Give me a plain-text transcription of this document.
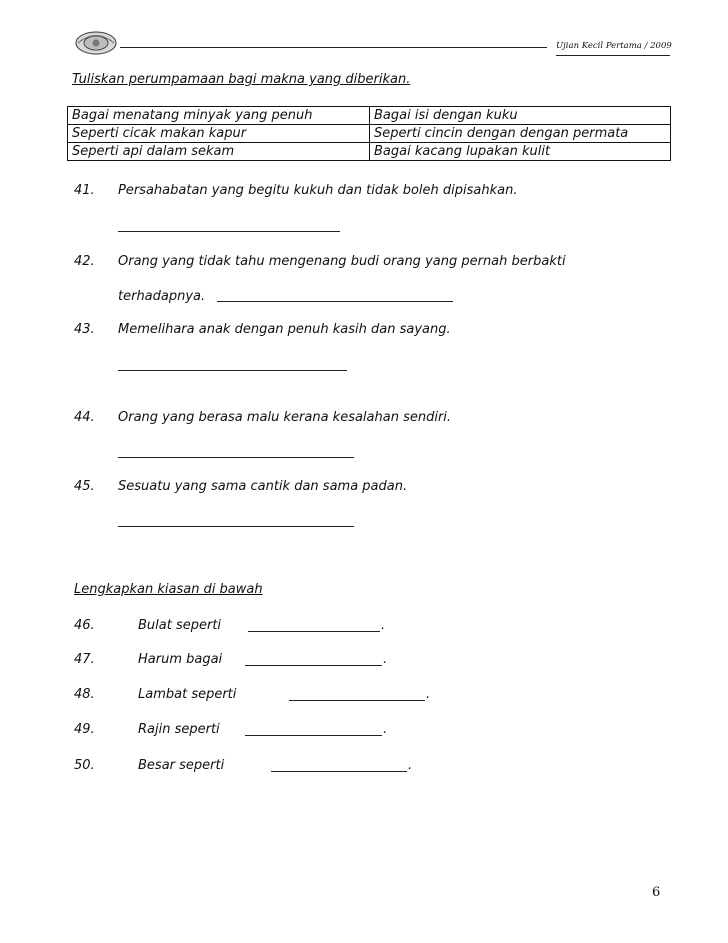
Ujian Kecil Pertama / 2009
Tuliskan perumpamaan bagi makna yang diberikan.
Bagai menatang minyak yang penuh	Bagai isi dengan kuku
Seperti cicak makan kapur	Seperti cincin dengan dengan permata
Seperti api dalam sekam	Bagai kacang lupakan kulit
41. Persahabatan yang begitu kukuh dan tidak boleh dipisahkan.
42. Orang yang tidak tahu mengenang budi orang yang pernah berbakti
terhadapnya.
43. Memelihara anak dengan penuh kasih dan sayang.
44. Orang yang berasa malu kerana kesalahan sendiri.
45. Sesuatu yang sama cantik dan sama padan.
Lengkapkan kiasan di bawah
46.	Bulat seperti	.
47.	Harum bagai	.
48.	Lambat seperti	.
49.	Rajin seperti	.
50.	Besar seperti	.
6
